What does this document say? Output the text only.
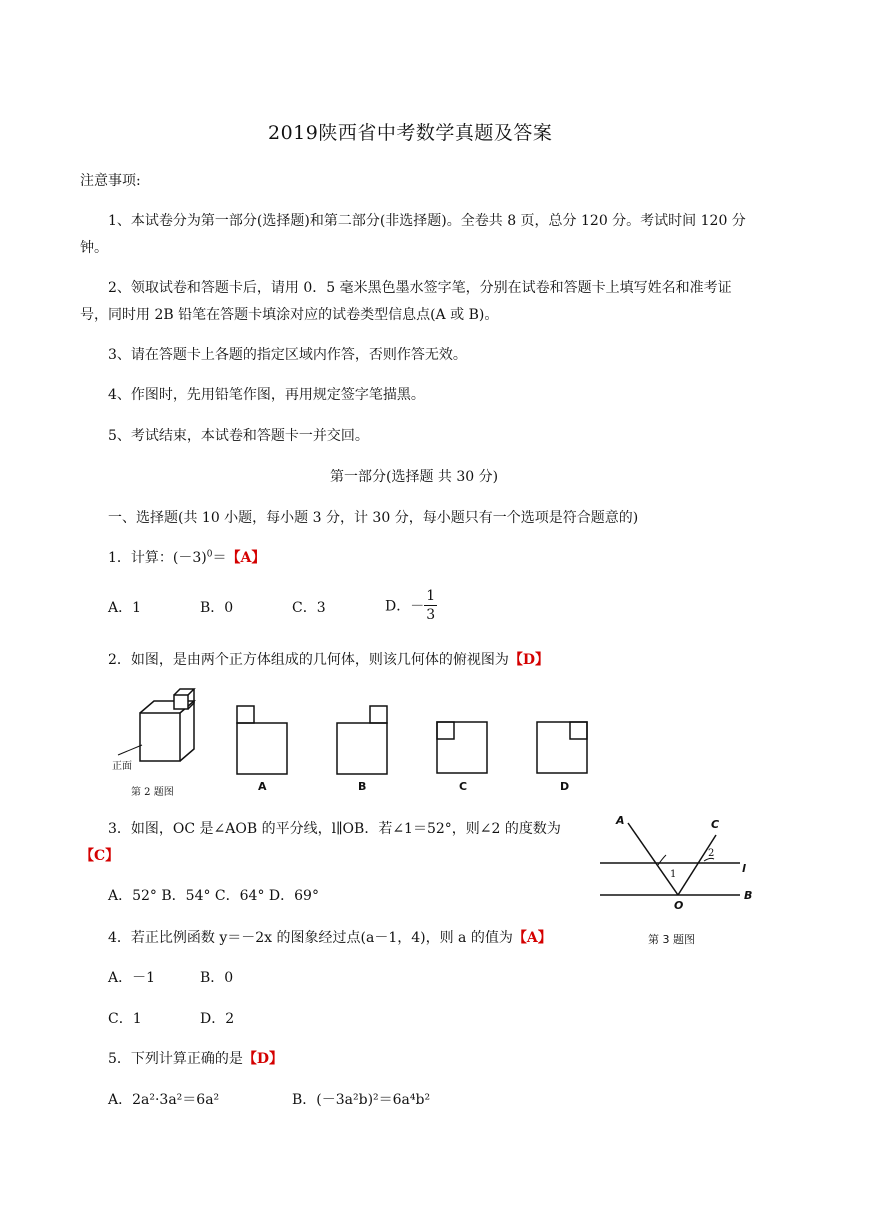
2019陕西省中考数学真题及答案
注意事项:
1、本试卷分为第一部分(选择题)和第二部分(非选择题)。全卷共 8 页，总分 120 分。考试时间 120 分
钟。
2、领取试卷和答题卡后，请用 0．5 毫米黑色墨水签字笔，分别在试卷和答题卡上填写姓名和准考证
号，同时用 2B 铅笔在答题卡填涂对应的试卷类型信息点(A 或 B)。
3、请在答题卡上各题的指定区域内作答，否则作答无效。
4、作图时，先用铅笔作图，再用规定签字笔描黑。
5、考试结束，本试卷和答题卡一并交回。
第一部分(选择题 共 30 分)
一、选择题(共 10 小题，每小题 3 分，计 30 分，每小题只有一个选项是符合题意的)
1．计算：$(-3)^0=$【A】
A．1	B．0	C．3	D．－ $\frac{1}{3}$
2．如图，是由两个正方体组成的几何体，则该几何体的俯视图为【D】
正面
第 2 题图	A	B	C	D
3．如图，OC 是∠AOB 的平分线，l∥OB．若∠1＝52°，则∠2 的度数为
【C】
A．52° B．54° C．64° D．69°
A	C
l
B
O
1
2
第 3 题图
4．若正比例函数 y＝－2x 的图象经过点(a－1，4)，则 a 的值为【A】
A．－1	B．0
C．1	D．2
5．下列计算正确的是【D】
A．2a²·3a²＝6a²	B．(－3a²b)²＝6a⁴b²
